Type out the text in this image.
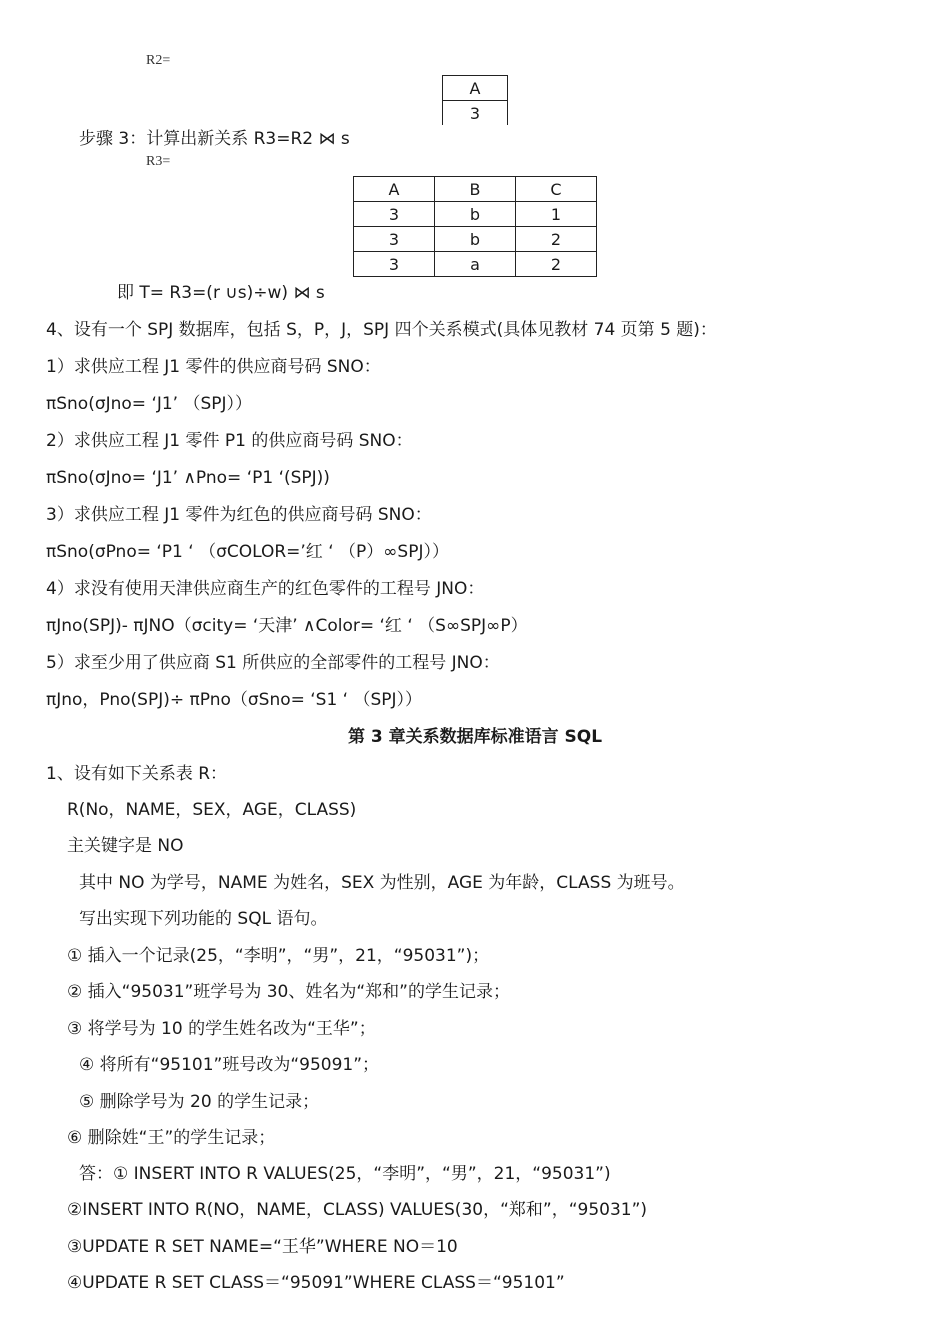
R2=
A
3
步骤 3：计算出新关系 R3=R2 ⋈ s
R3=
A	B	C
3	b	1
3	b	2
3	a	2
即 T= R3=(r ∪s)÷w) ⋈ s
4、设有一个 SPJ 数据库，包括 S，P，J，SPJ 四个关系模式(具体见教材 74 页第 5 题)：
1）求供应工程 J1 零件的供应商号码 SNO：
πSno(σJno= ‘J1’ （SPJ））
2）求供应工程 J1 零件 P1 的供应商号码 SNO：
πSno(σJno= ‘J1’ ∧Pno= ‘P1 ‘(SPJ))
3）求供应工程 J1 零件为红色的供应商号码 SNO：
πSno(σPno= ‘P1 ‘ （σCOLOR=’红 ‘ （P）∞SPJ））
4）求没有使用天津供应商生产的红色零件的工程号 JNO：
πJno(SPJ)- πJNO（σcity= ‘天津’ ∧Color= ‘红 ‘ （S∞SPJ∞P）
5）求至少用了供应商 S1 所供应的全部零件的工程号 JNO：
πJno，Pno(SPJ)÷ πPno（σSno= ‘S1 ‘ （SPJ））
第 3 章关系数据库标准语言 SQL
1、设有如下关系表 R：
R(No，NAME，SEX，AGE，CLASS)
主关键字是 NO
其中 NO 为学号，NAME 为姓名，SEX 为性别，AGE 为年龄，CLASS 为班号。
写出实现下列功能的 SQL 语句。
① 插入一个记录(25，“李明”，“男”，21，“95031”)；
② 插入“95031”班学号为 30、姓名为“郑和”的学生记录；
③ 将学号为 10 的学生姓名改为“王华”；
④ 将所有“95101”班号改为“95091”；
⑤ 删除学号为 20 的学生记录；
⑥ 删除姓“王”的学生记录；
答：① INSERT INTO R VALUES(25，“李明”，“男”，21，“95031”)
②INSERT INTO R(NO，NAME，CLASS) VALUES(30，“郑和”，“95031”)
③UPDATE R SET NAME=“王华”WHERE NO＝10
④UPDATE R SET CLASS＝“95091”WHERE CLASS＝“95101”
